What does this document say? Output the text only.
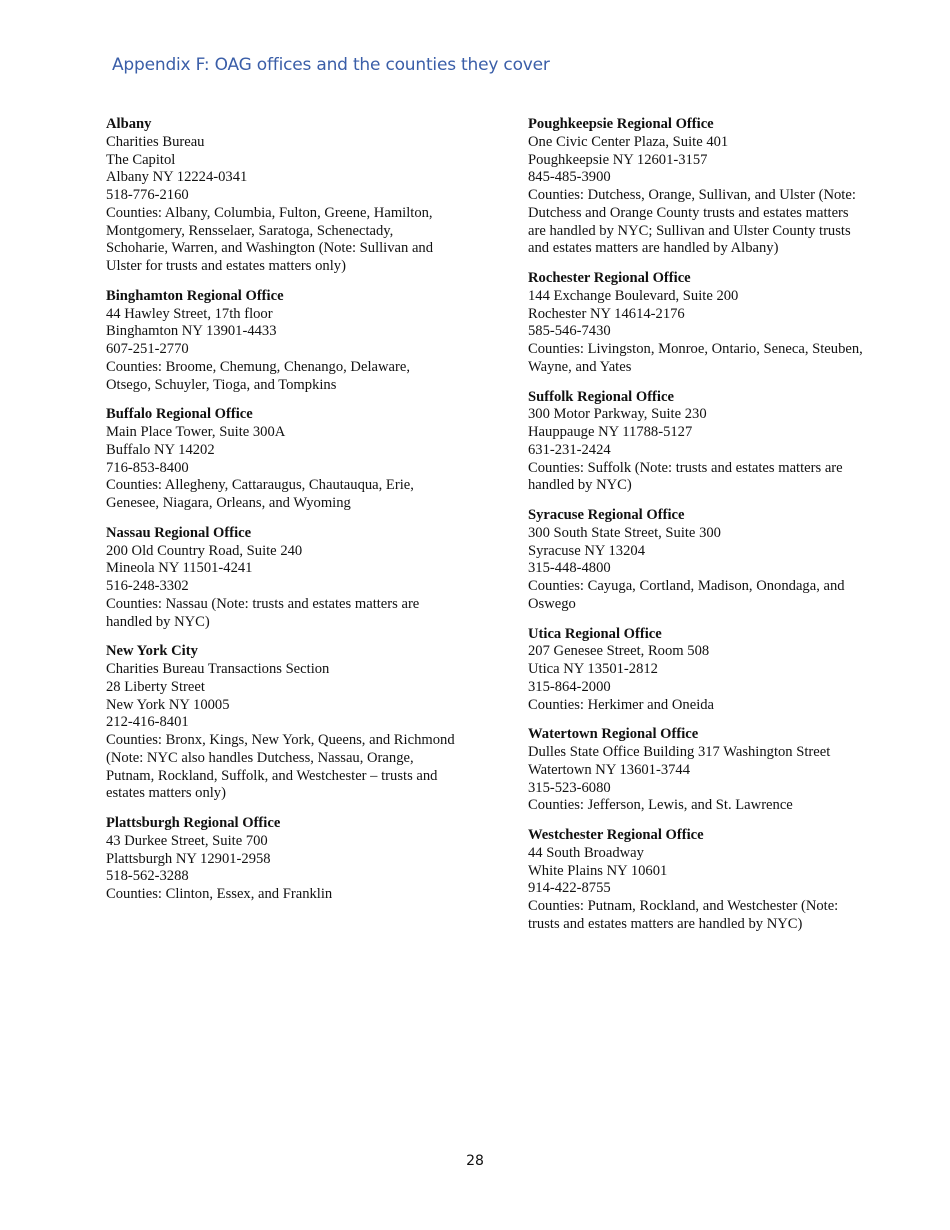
Appendix F: OAG offices and the counties they cover
Albany
Charities Bureau
The Capitol
Albany NY 12224-0341
518-776-2160
Counties: Albany, Columbia, Fulton, Greene, Hamilton, Montgomery, Rensselaer, Saratoga, Schenectady, Schoharie, Warren, and Washington (Note: Sullivan and Ulster for trusts and estates matters only)
Binghamton Regional Office
44 Hawley Street, 17th floor
Binghamton NY 13901-4433
607-251-2770
Counties: Broome, Chemung, Chenango, Delaware, Otsego, Schuyler, Tioga, and Tompkins
Buffalo Regional Office
Main Place Tower, Suite 300A
Buffalo NY 14202
716-853-8400
Counties: Allegheny, Cattaraugus, Chautauqua, Erie, Genesee, Niagara, Orleans, and Wyoming
Nassau Regional Office
200 Old Country Road, Suite 240
Mineola NY 11501-4241
516-248-3302
Counties: Nassau (Note: trusts and estates matters are handled by NYC)
New York City
Charities Bureau Transactions Section
28 Liberty Street
New York NY 10005
212-416-8401
Counties: Bronx, Kings, New York, Queens, and Richmond (Note: NYC also handles Dutchess, Nassau, Orange, Putnam, Rockland, Suffolk, and Westchester – trusts and estates matters only)
Plattsburgh Regional Office
43 Durkee Street, Suite 700
Plattsburgh NY 12901-2958
518-562-3288
Counties: Clinton, Essex, and Franklin
Poughkeepsie Regional Office
One Civic Center Plaza, Suite 401
Poughkeepsie NY 12601-3157
845-485-3900
Counties: Dutchess, Orange, Sullivan, and Ulster (Note: Dutchess and Orange County trusts and estates matters are handled by NYC; Sullivan and Ulster County trusts and estates matters are handled by Albany)
Rochester Regional Office
144 Exchange Boulevard, Suite 200
Rochester NY 14614-2176
585-546-7430
Counties: Livingston, Monroe, Ontario, Seneca, Steuben, Wayne, and Yates
Suffolk Regional Office
300 Motor Parkway, Suite 230
Hauppauge NY 11788-5127
631-231-2424
Counties: Suffolk (Note: trusts and estates matters are handled by NYC)
Syracuse Regional Office
300 South State Street, Suite 300
Syracuse NY 13204
315-448-4800
Counties: Cayuga, Cortland, Madison, Onondaga, and Oswego
Utica Regional Office
207 Genesee Street, Room 508
Utica NY 13501-2812
315-864-2000
Counties: Herkimer and Oneida
Watertown Regional Office
Dulles State Office Building 317 Washington Street
Watertown NY 13601-3744
315-523-6080
Counties: Jefferson, Lewis, and St. Lawrence
Westchester Regional Office
44 South Broadway
White Plains NY 10601
914-422-8755
Counties: Putnam, Rockland, and Westchester (Note: trusts and estates matters are handled by NYC)
28
